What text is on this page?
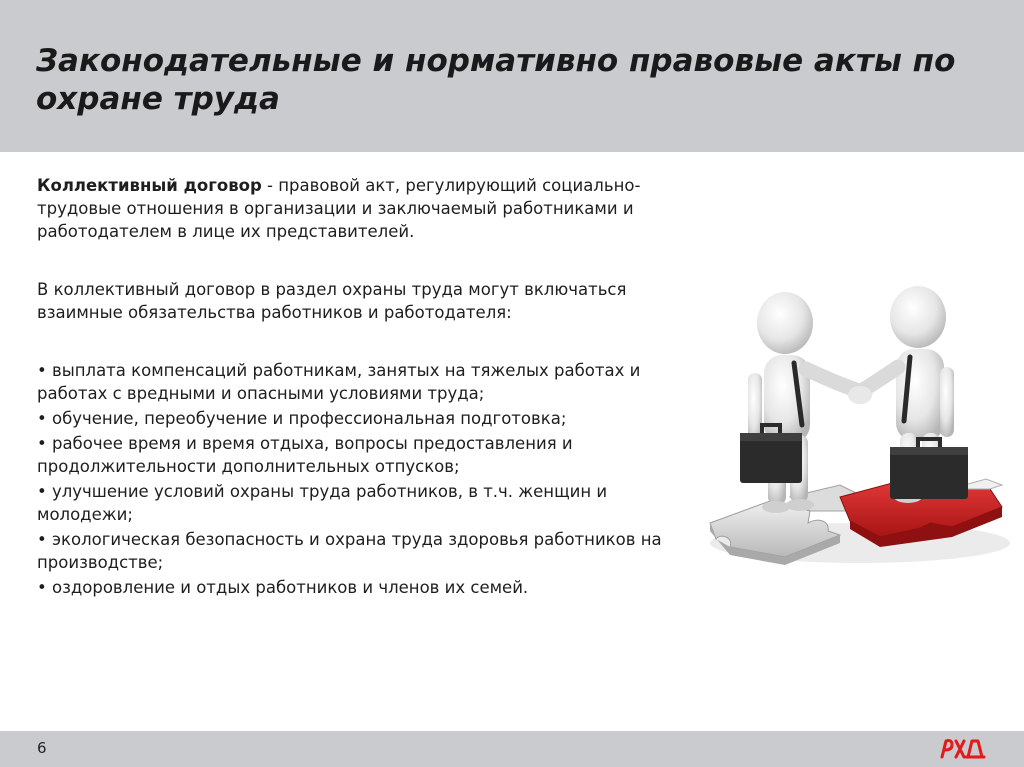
Законодательные и нормативно правовые акты по охране труда

Коллективный договор - правовой акт, регулирующий социально- трудовые отношения в организации и заключаемый работниками и работодателем в лице их представителей.

В коллективный договор в раздел охраны труда могут включаться взаимные обязательства работников и работодателя:

• выплата компенсаций работникам, занятых на тяжелых работах и работах с вредными и опасными условиями труда;
• обучение, переобучение и профессиональная подготовка;
• рабочее время и время отдыха, вопросы предоставления и продолжительности дополнительных отпусков;
• улучшение условий охраны труда работников, в т.ч. женщин и молодежи;
• экологическая безопасность и охрана труда здоровья работников на производстве;
• оздоровление и отдых работников и членов их семей.
6
